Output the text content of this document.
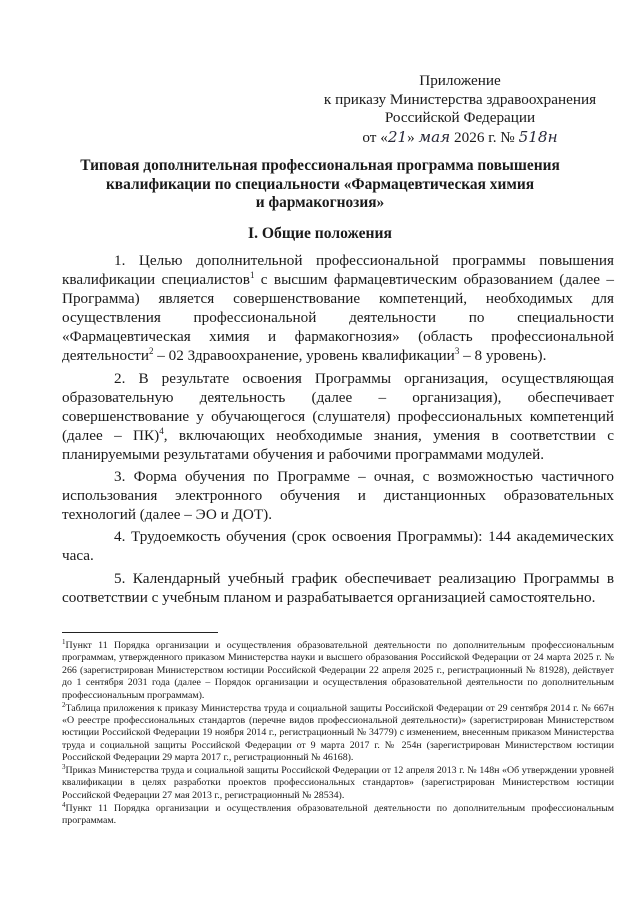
Приложение
к приказу Министерства здравоохранения
Российской Федерации
от «21» мая 2026 г. № 518н
Типовая дополнительная профессиональная программа повышения
квалификации по специальности «Фармацевтическая химия
и фармакогнозия»
I. Общие положения

1. Целью дополнительной профессиональной программы повышения квалификации специалистов$^1$ с высшим фармацевтическим образованием (далее – Программа) является совершенствование компетенций, необходимых для осуществления профессиональной деятельности по специальности «Фармацевтическая химия и фармакогнозия» (область профессиональной деятельности$^2$ – 02 Здравоохранение, уровень квалификации$^3$ – 8 уровень).

2. В результате освоения Программы организация, осуществляющая образовательную деятельность (далее – организация), обеспечивает совершенствование у обучающегося (слушателя) профессиональных компетенций (далее – ПК)$^4$, включающих необходимые знания, умения в соответствии с планируемыми результатами обучения и рабочими программами модулей.

3. Форма обучения по Программе – очная, с возможностью частичного использования электронного обучения и дистанционных образовательных технологий (далее – ЭО и ДОТ).

4. Трудоемкость обучения (срок освоения Программы): 144 академических часа.

5. Календарный учебный график обеспечивает реализацию Программы в соответствии с учебным планом и разрабатывается организацией самостоятельно.

$^1$Пункт 11 Порядка организации и осуществления образовательной деятельности по дополнительным профессиональным программам, утвержденного приказом Министерства науки и высшего образования Российской Федерации от 24 марта 2025 г. № 266 (зарегистрирован Министерством юстиции Российской Федерации 22 апреля 2025 г., регистрационный № 81928), действует до 1 сентября 2031 года (далее – Порядок организации и осуществления образовательной деятельности по дополнительным профессиональным программам).

$^2$Таблица приложения к приказу Министерства труда и социальной защиты Российской Федерации от 29 сентября 2014 г. № 667н «О реестре профессиональных стандартов (перечне видов профессиональной деятельности)» (зарегистрирован Министерством юстиции Российской Федерации 19 ноября 2014 г., регистрационный № 34779) с изменением, внесенным приказом Министерства труда и социальной защиты Российской Федерации от 9 марта 2017 г. № 254н (зарегистрирован Министерством юстиции Российской Федерации 29 марта 2017 г., регистрационный № 46168).

$^3$Приказ Министерства труда и социальной защиты Российской Федерации от 12 апреля 2013 г. № 148н «Об утверждении уровней квалификации в целях разработки проектов профессиональных стандартов» (зарегистрирован Министерством юстиции Российской Федерации 27 мая 2013 г., регистрационный № 28534).

$^4$Пункт 11 Порядка организации и осуществления образовательной деятельности по дополнительным профессиональным программам.
